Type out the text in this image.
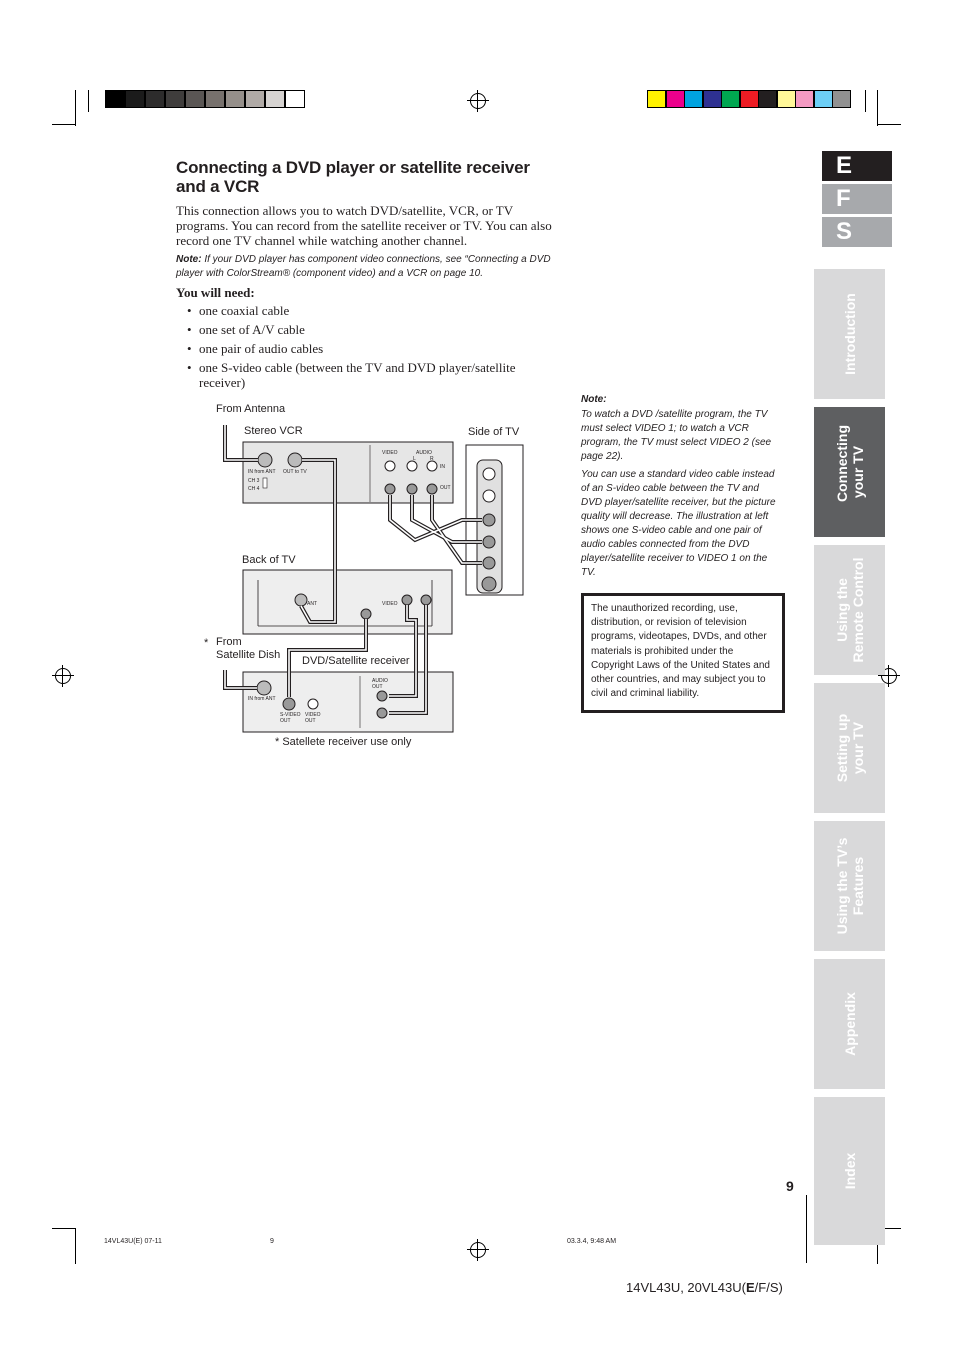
Connecting a DVD player or satellite receiver and a VCR
This connection allows you to watch DVD/satellite, VCR, or TV programs. You can record from the satellite receiver or TV. You can also record one TV channel while watching another channel.
Note: If your DVD player has component video connections, see “Connecting a DVD player with ColorStream® (component video) and a VCR on page 10.
You will need:
• one coaxial cable
• one set of A/V cable
• one pair of audio cables
• one S-video cable (between the TV and DVD player/satellite receiver)
Note:

To watch a DVD /satellite program, the TV must select VIDEO 1; to watch a VCR program, the TV must select VIDEO 2 (see page 22).
You can use a standard video cable instead of an S-video cable between the TV and DVD player/satellite receiver, but the picture quality will decrease. The illustration at left shows one S-video cable and one pair of audio cables connected from the DVD player/satellite receiver to VIDEO 1 on the TV.
The unauthorized recording, use, distribution, or revision of television programs, videotapes, DVDs, and other materials is prohibited under the Copyright Laws of the United States and other countries, and may subject you to civil and criminal liability.
From Antenna
Stereo VCR	Side of TV
Back of TV
* From
Satellite Dish DVD/Satellite receiver
* Satellete receiver use only
IN from ANT OUT to TV
CH 3
CH 4
VIDEO	AUDIO
L	R
IN
OUT
ANT	VIDEO
IN from ANT
AUDIO OUT
S-VIDEO OUT
VIDEO OUT
E
F
S
Introduction
Connecting your TV
Using the Remote Control
Setting up your TV
Using the TV’s Features
Appendix
Index
9
14VL43U(E) 07-11	9	03.3.4, 9:48 AM
14VL43U, 20VL43U(E/F/S)
